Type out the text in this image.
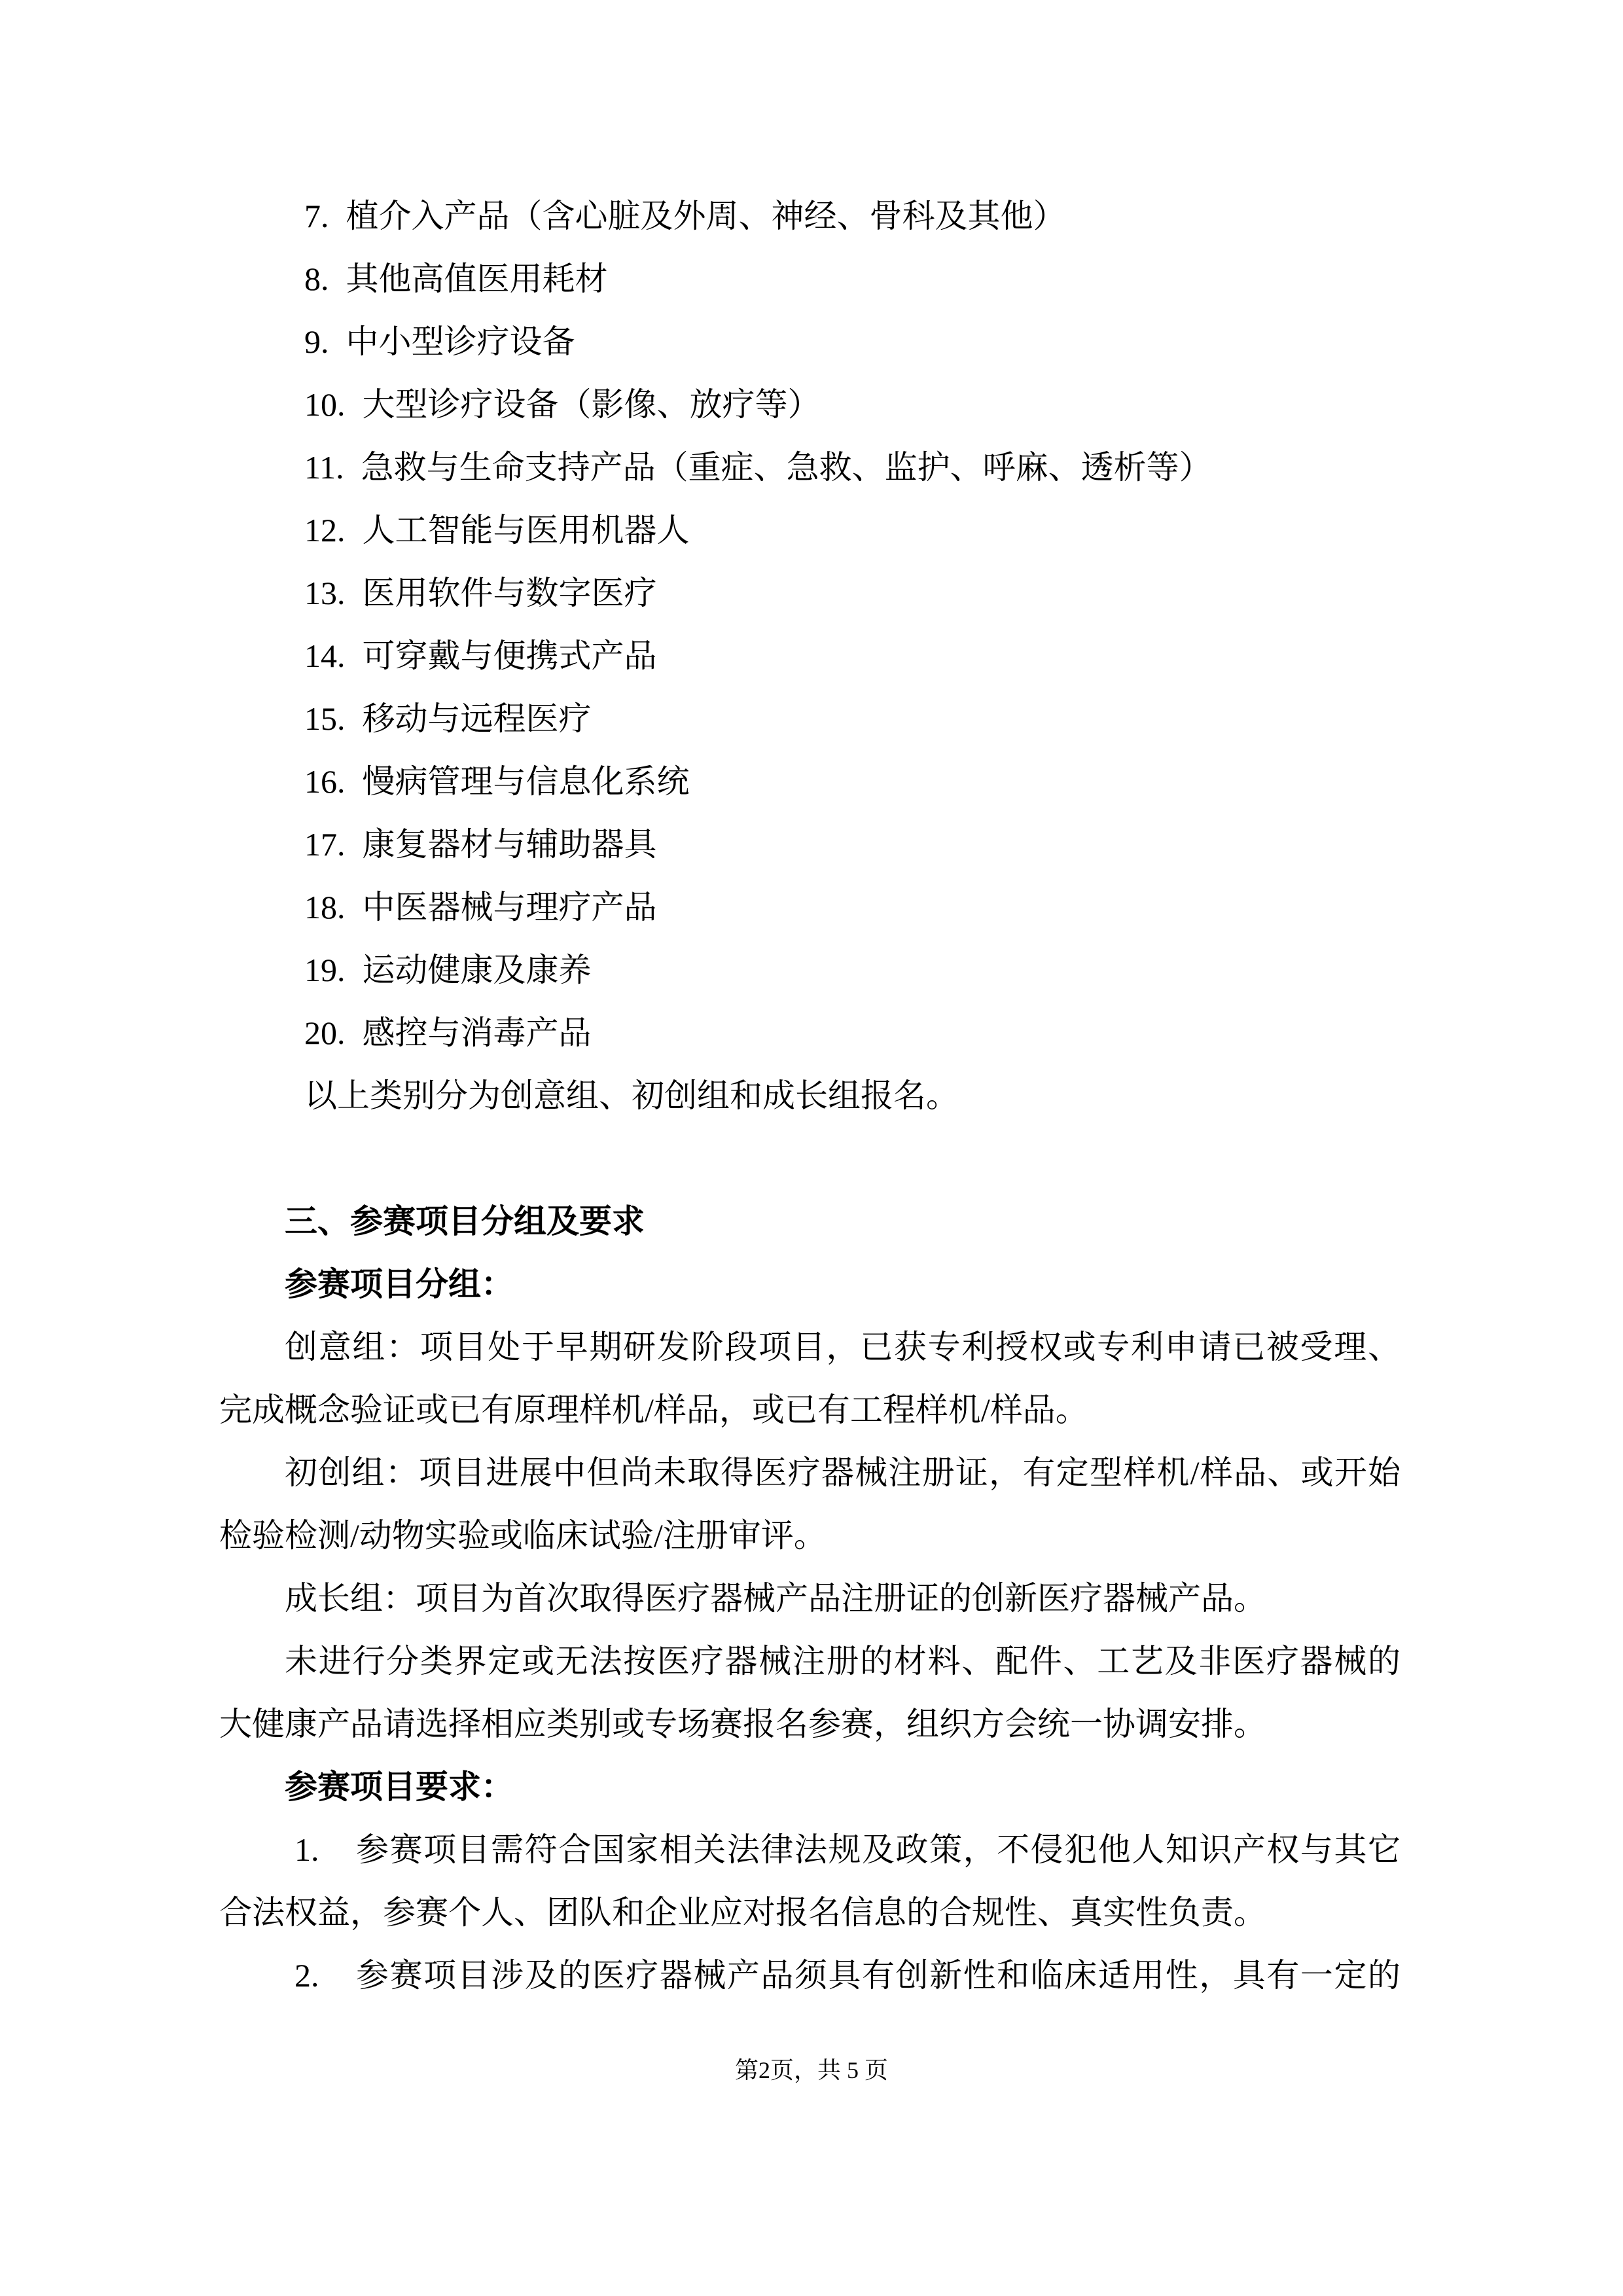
7. 植介入产品（含心脏及外周、神经、骨科及其他）
8. 其他高值医用耗材
9. 中小型诊疗设备
10. 大型诊疗设备（影像、放疗等）
11. 急救与生命支持产品（重症、急救、监护、呼麻、透析等）
12. 人工智能与医用机器人
13. 医用软件与数字医疗
14. 可穿戴与便携式产品
15. 移动与远程医疗
16. 慢病管理与信息化系统
17. 康复器材与辅助器具
18. 中医器械与理疗产品
19. 运动健康及康养
20. 感控与消毒产品
以上类别分为创意组、初创组和成长组报名。
三、参赛项目分组及要求
参赛项目分组：
创意组：项目处于早期研发阶段项目，已获专利授权或专利申请已被受理、
完成概念验证或已有原理样机/样品，或已有工程样机/样品。
初创组：项目进展中但尚未取得医疗器械注册证，有定型样机/样品、或开始
检验检测/动物实验或临床试验/注册审评。
成长组：项目为首次取得医疗器械产品注册证的创新医疗器械产品。
未进行分类界定或无法按医疗器械注册的材料、配件、工艺及非医疗器械的
大健康产品请选择相应类别或专场赛报名参赛，组织方会统一协调安排。
参赛项目要求：
1. 参赛项目需符合国家相关法律法规及政策，不侵犯他人知识产权与其它
合法权益，参赛个人、团队和企业应对报名信息的合规性、真实性负责。
2. 参赛项目涉及的医疗器械产品须具有创新性和临床适用性，具有一定的
第2页，共 5 页
